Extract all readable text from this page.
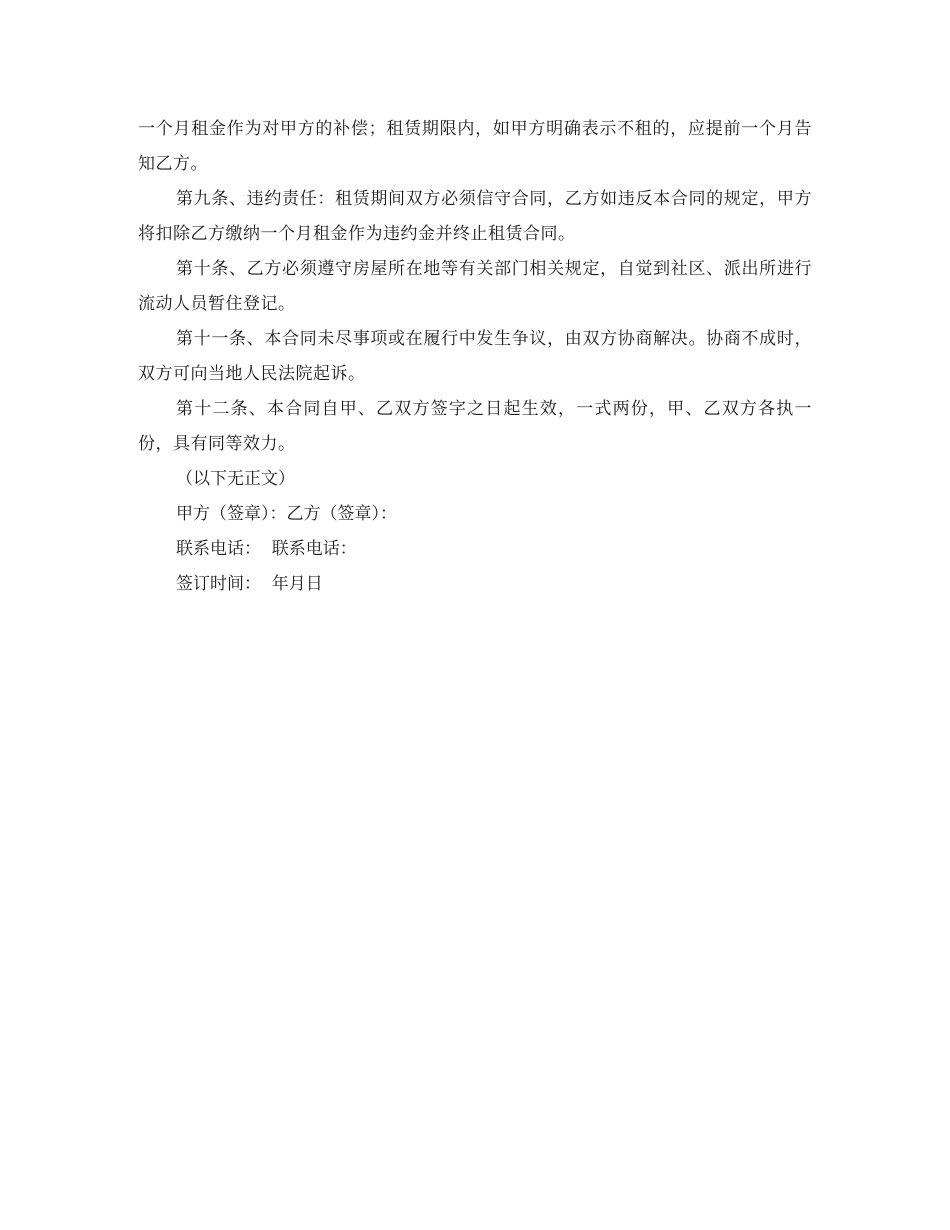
一个月租金作为对甲方的补偿；租赁期限内，如甲方明确表示不租的，应提前一个月告知乙方。

第九条、违约责任：租赁期间双方必须信守合同，乙方如违反本合同的规定，甲方将扣除乙方缴纳一个月租金作为违约金并终止租赁合同。

第十条、乙方必须遵守房屋所在地等有关部门相关规定，自觉到社区、派出所进行流动人员暂住登记。

第十一条、本合同未尽事项或在履行中发生争议，由双方协商解决。协商不成时，双方可向当地人民法院起诉。

第十二条、本合同自甲、乙双方签字之日起生效，一式两份，甲、乙双方各执一份，具有同等效力。

（以下无正文）

甲方（签章）：乙方（签章）：

联系电话：  联系电话：

签订时间：  年月日
